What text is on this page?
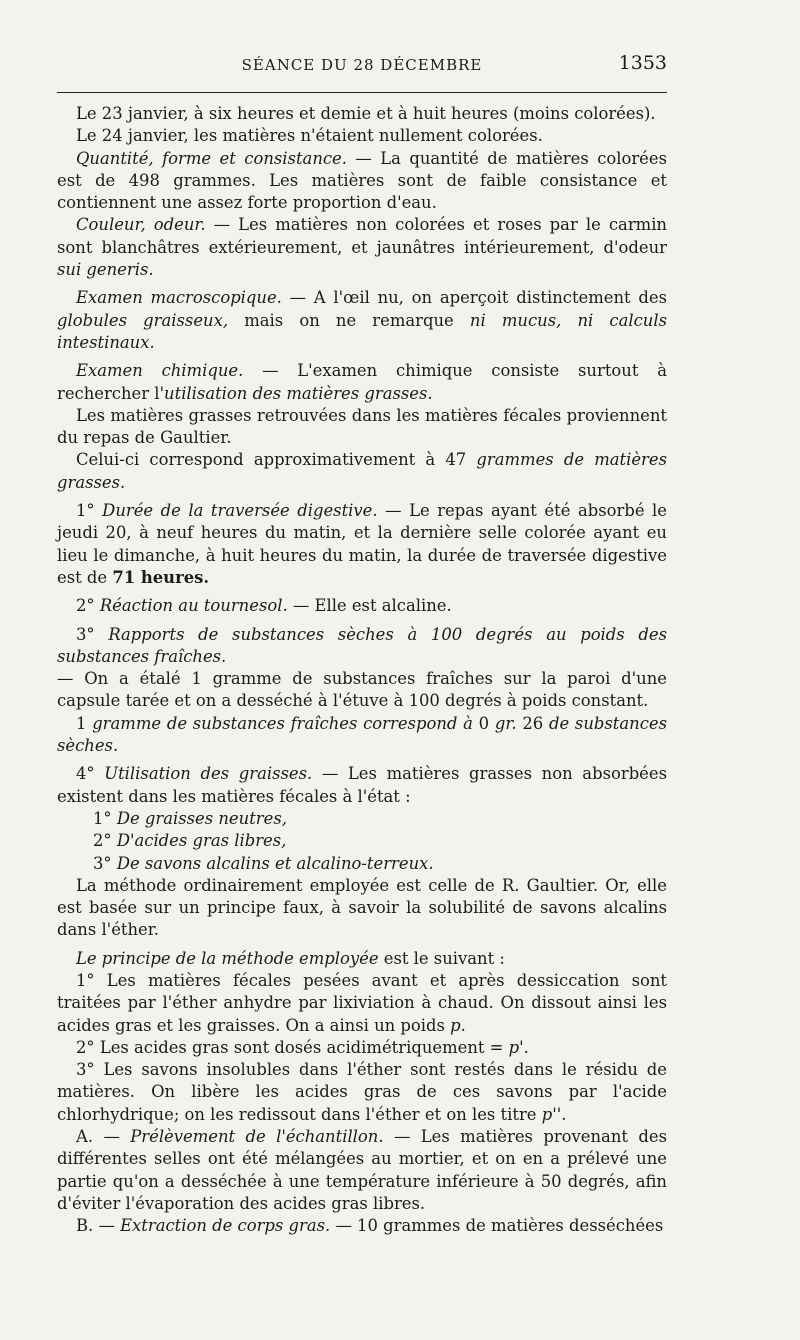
SÉANCE DU 28 DÉCEMBRE	1353

Le 23 janvier, à six heures et demie et à huit heures (moins colorées).

Le 24 janvier, les matières n'étaient nullement colorées.

Quantité, forme et consistance. — La quantité de matières colorées est de 498 grammes. Les matières sont de faible consistance et contiennent une assez forte proportion d'eau.

Couleur, odeur. — Les matières non colorées et roses par le carmin sont blanchâtres extérieurement, et jaunâtres intérieurement, d'odeur sui generis.

Examen macroscopique. — A l'œil nu, on aperçoit distinctement des globules graisseux, mais on ne remarque ni mucus, ni calculs intestinaux.

Examen chimique. — L'examen chimique consiste surtout à rechercher l'utilisation des matières grasses.

Les matières grasses retrouvées dans les matières fécales proviennent du repas de Gaultier.

Celui-ci correspond approximativement à 47 grammes de matières grasses.

1° Durée de la traversée digestive. — Le repas ayant été absorbé le jeudi 20, à neuf heures du matin, et la dernière selle colorée ayant eu lieu le dimanche, à huit heures du matin, la durée de traversée digestive est de 71 heures.

2° Réaction au tournesol. — Elle est alcaline.

3° Rapports de substances sèches à 100 degrés au poids des substances fraîches.

— On a étalé 1 gramme de substances fraîches sur la paroi d'une capsule tarée et on a desséché à l'étuve à 100 degrés à poids constant.

1 gramme de substances fraîches correspond à 0 gr. 26 de substances sèches.

4° Utilisation des graisses. — Les matières grasses non absorbées existent dans les matières fécales à l'état :

1° De graisses neutres,

2° D'acides gras libres,

3° De savons alcalins et alcalino-terreux.

La méthode ordinairement employée est celle de R. Gaultier. Or, elle est basée sur un principe faux, à savoir la solubilité de savons alcalins dans l'éther.

Le principe de la méthode employée est le suivant :

1° Les matières fécales pesées avant et après dessiccation sont traitées par l'éther anhydre par lixiviation à chaud. On dissout ainsi les acides gras et les graisses. On a ainsi un poids p.

2° Les acides gras sont dosés acidimétriquement = p'.

3° Les savons insolubles dans l'éther sont restés dans le résidu de matières. On libère les acides gras de ces savons par l'acide chlorhydrique; on les redissout dans l'éther et on les titre p''.

A. — Prélèvement de l'échantillon. — Les matières provenant des différentes selles ont été mélangées au mortier, et on en a prélevé une partie qu'on a desséchée à une température inférieure à 50 degrés, afin d'éviter l'évaporation des acides gras libres.

B. — Extraction de corps gras. — 10 grammes de matières desséchées
